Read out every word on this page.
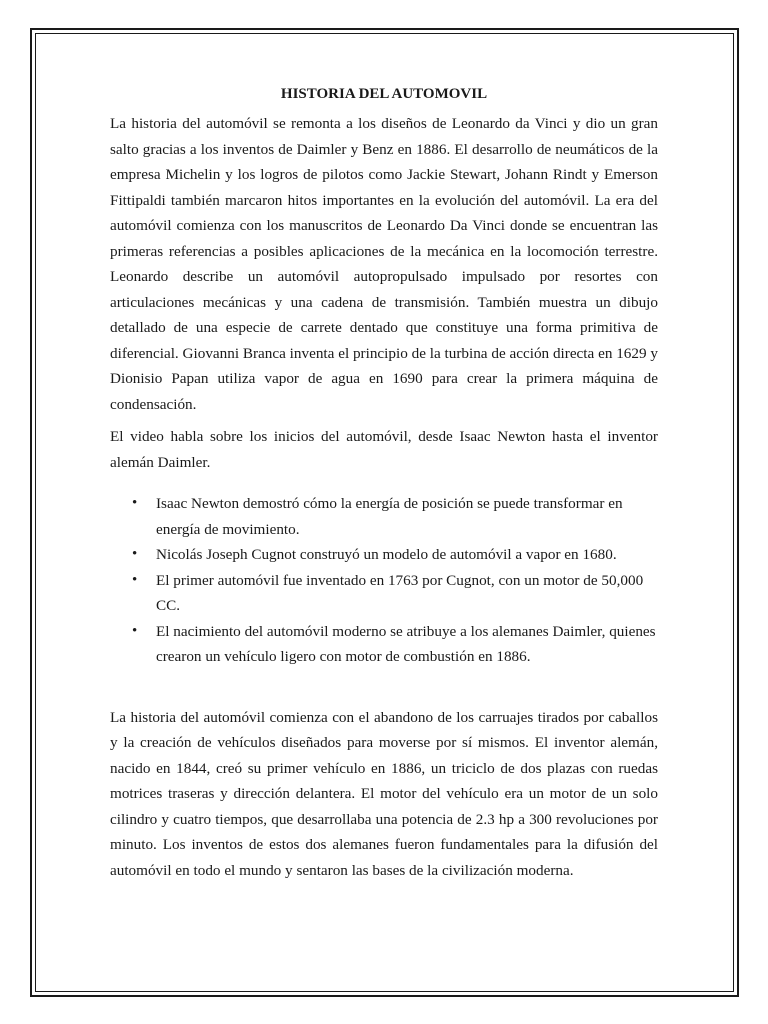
HISTORIA DEL AUTOMOVIL

La historia del automóvil se remonta a los diseños de Leonardo da Vinci y dio un gran salto gracias a los inventos de Daimler y Benz en 1886. El desarrollo de neumáticos de la empresa Michelin y los logros de pilotos como Jackie Stewart, Johann Rindt y Emerson Fittipaldi también marcaron hitos importantes en la evolución del automóvil. La era del automóvil comienza con los manuscritos de Leonardo Da Vinci donde se encuentran las primeras referencias a posibles aplicaciones de la mecánica en la locomoción terrestre. Leonardo describe un automóvil autopropulsado impulsado por resortes con articulaciones mecánicas y una cadena de transmisión. También muestra un dibujo detallado de una especie de carrete dentado que constituye una forma primitiva de diferencial. Giovanni Branca inventa el principio de la turbina de acción directa en 1629 y Dionisio Papan utiliza vapor de agua en 1690 para crear la primera máquina de condensación.

El video habla sobre los inicios del automóvil, desde Isaac Newton hasta el inventor alemán Daimler.

• Isaac Newton demostró cómo la energía de posición se puede transformar en energía de movimiento.
• Nicolás Joseph Cugnot construyó un modelo de automóvil a vapor en 1680.
• El primer automóvil fue inventado en 1763 por Cugnot, con un motor de 50,000 CC.
• El nacimiento del automóvil moderno se atribuye a los alemanes Daimler, quienes crearon un vehículo ligero con motor de combustión en 1886.

La historia del automóvil comienza con el abandono de los carruajes tirados por caballos y la creación de vehículos diseñados para moverse por sí mismos. El inventor alemán, nacido en 1844, creó su primer vehículo en 1886, un triciclo de dos plazas con ruedas motrices traseras y dirección delantera. El motor del vehículo era un motor de un solo cilindro y cuatro tiempos, que desarrollaba una potencia de 2.3 hp a 300 revoluciones por minuto. Los inventos de estos dos alemanes fueron fundamentales para la difusión del automóvil en todo el mundo y sentaron las bases de la civilización moderna.
